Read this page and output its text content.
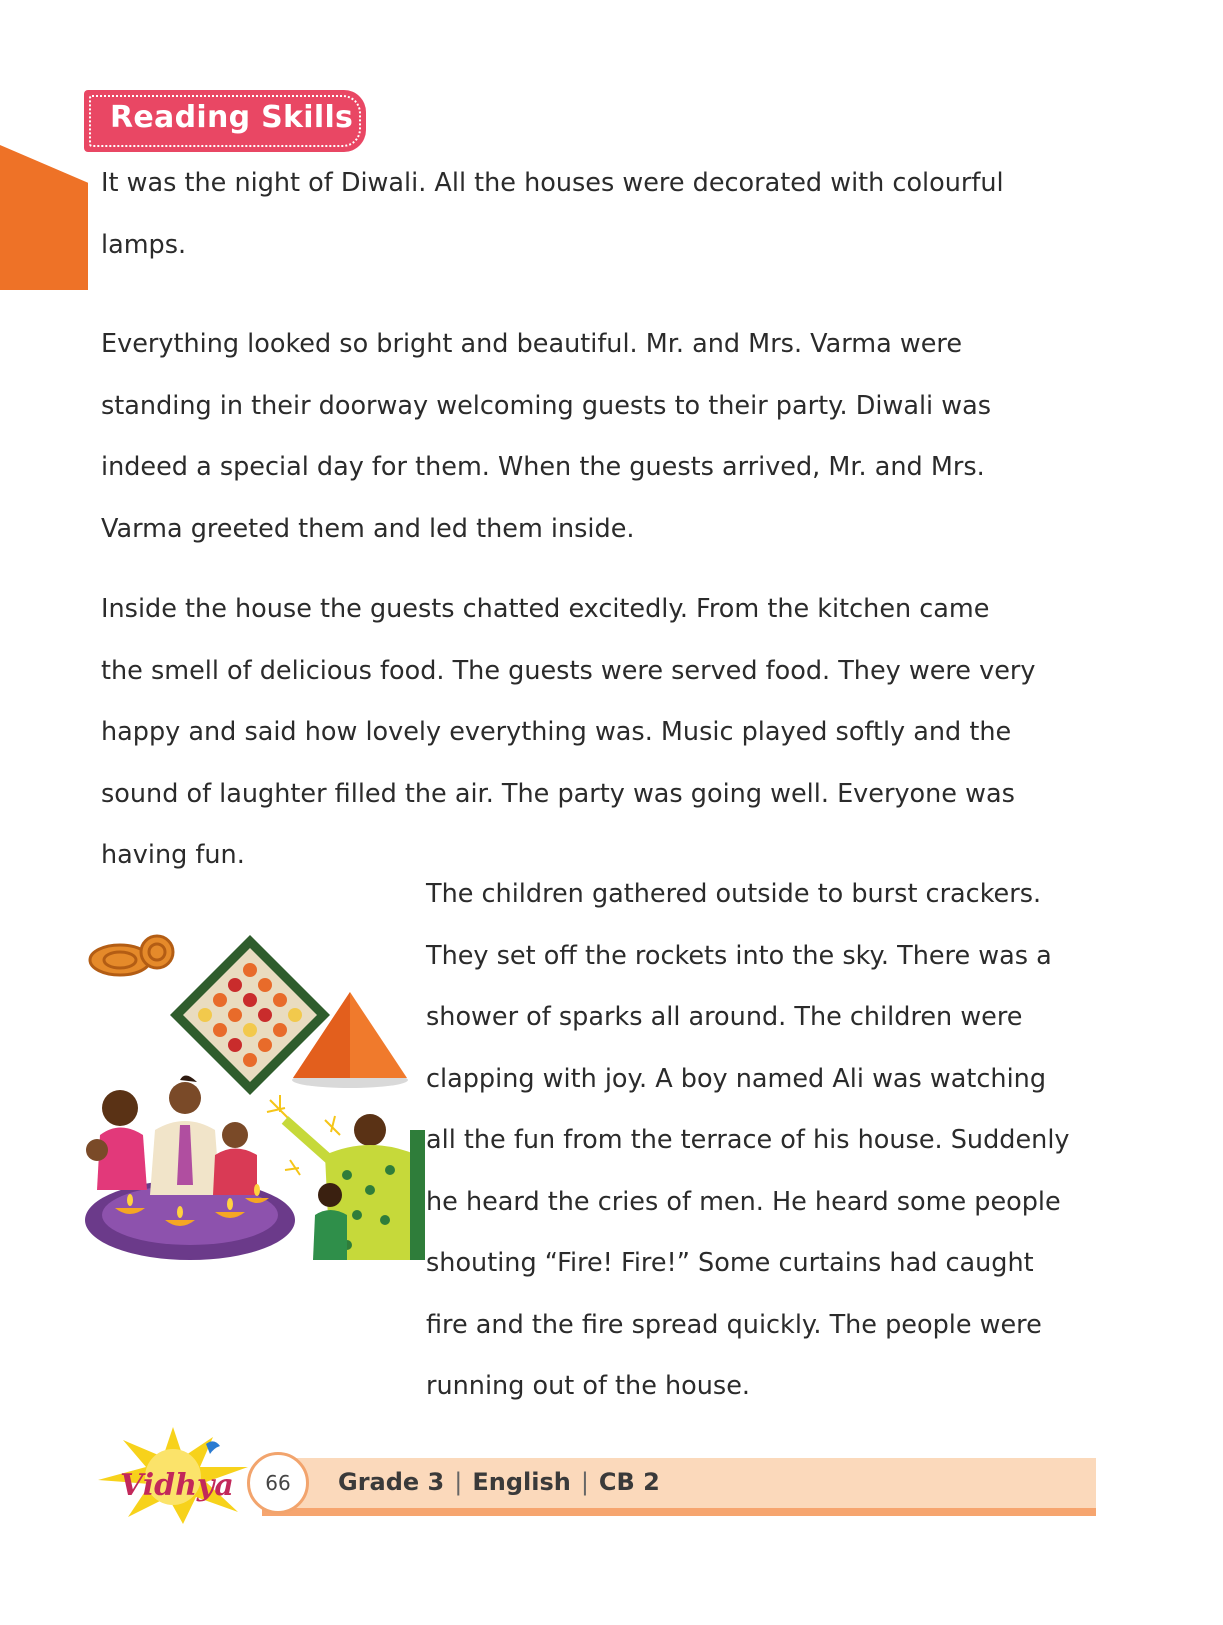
Reading Skills

It was the night of Diwali. All the houses were decorated with colourful
lamps.

Everything looked so bright and beautiful. Mr. and Mrs. Varma were
standing in their doorway welcoming guests to their party. Diwali was
indeed a special day for them. When the guests arrived, Mr. and Mrs.
Varma greeted them and led them inside.

Inside the house the guests chatted excitedly. From the kitchen came
the smell of delicious food. The guests were served food. They were very
happy and said how lovely everything was. Music played softly and the
sound of laughter filled the air. The party was going well. Everyone was
having fun.

The children gathered outside to burst crackers.
They set off the rockets into the sky. There was a
shower of sparks all around. The children were
clapping with joy. A boy named Ali was watching
all the fun from the terrace of his house. Suddenly
he heard the cries of men. He heard some people
shouting “Fire! Fire!” Some curtains had caught
fire and the fire spread quickly. The people were
running out of the house.

Vidhya	66	Grade 3 | English | CB 2
